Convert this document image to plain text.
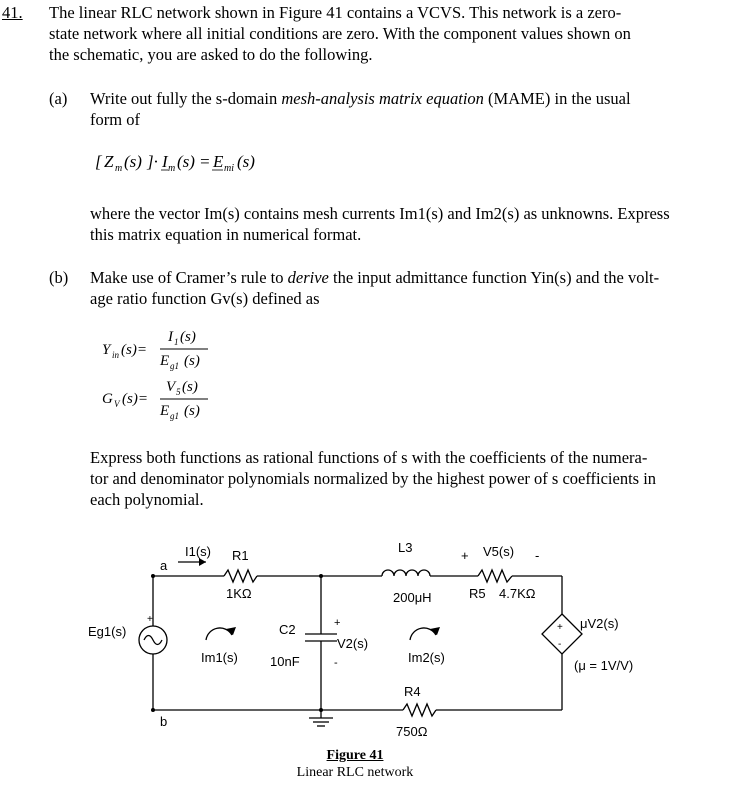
41. The linear RLC network shown in Figure 41 contains a VCVS. This network is a zero-
state network where all initial conditions are zero. With the component values shown on
the schematic, you are asked to do the following.
(a) Write out fully the s-domain mesh-analysis matrix equation (MAME) in the usual
form of
[ Z m (s) ]· I m (s) = E mi (s)
where the vector Im(s) contains mesh currents Im1(s) and Im2(s) as unknowns. Express
this matrix equation in numerical format.
(b) Make use of Cramer’s rule to derive the input admittance function Yin(s) and the volt-
age ratio function Gv(s) defined as
Y in (s)=
I 1 (s)
E g1 (s)
G V (s)=
V 5 (s)
E g1 (s)
Express both functions as rational functions of s with the coefficients of the numera-
tor and denominator polynomials normalized by the highest power of s coefficients in
each polynomial.
a
b
I1(s) R1
1KΩ
L3
200μH
+ V5(s) -
R5 4.7KΩ
Eg1(s)
+
C2
10nF
+
V2(s)
-
Im1(s)	Im2(s)
R4
750Ω
+
-
μV2(s)
(μ = 1V/V)
Figure 41
Linear RLC network
